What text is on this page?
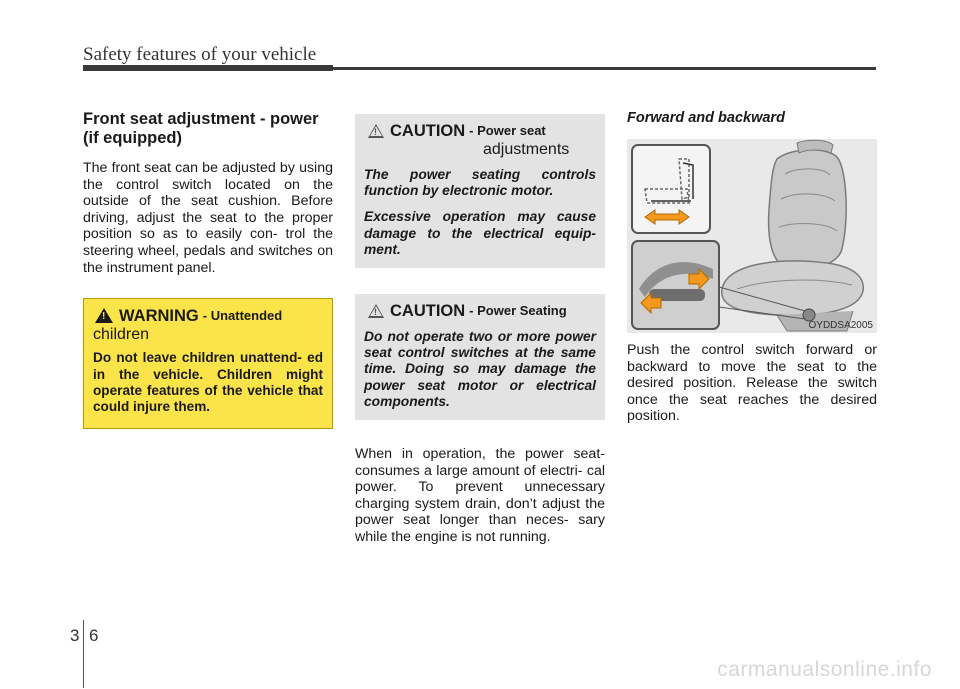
Safety features of your vehicle
Front seat adjustment - power
(if equipped)

The front seat can be adjusted by using the control switch located on the outside of the seat cushion. Before driving, adjust the seat to the proper position so as to easily con- trol the steering wheel, pedals and switches on the instrument panel.

!
WARNING - Unattended
children
Do not leave children unattend- ed in the vehicle. Children might operate features of the vehicle that could injure them.
!
CAUTION - Power seat
adjustments
The power seating controls function by electronic motor.
Excessive operation may cause damage to the electrical equip- ment.
!
CAUTION - Power Seating
Do not operate two or more power seat control switches at the same time. Doing so may damage the power seat motor or electrical components.

When in operation, the power seat- consumes a large amount of electri- cal power. To prevent unnecessary charging system drain, don’t adjust the power seat longer than neces- sary while the engine is not running.

Forward and backward
OYDDSA2005

Push the control switch forward or backward to move the seat to the desired position. Release the switch once the seat reaches the desired position.

3 6
carmanualsonline.info
